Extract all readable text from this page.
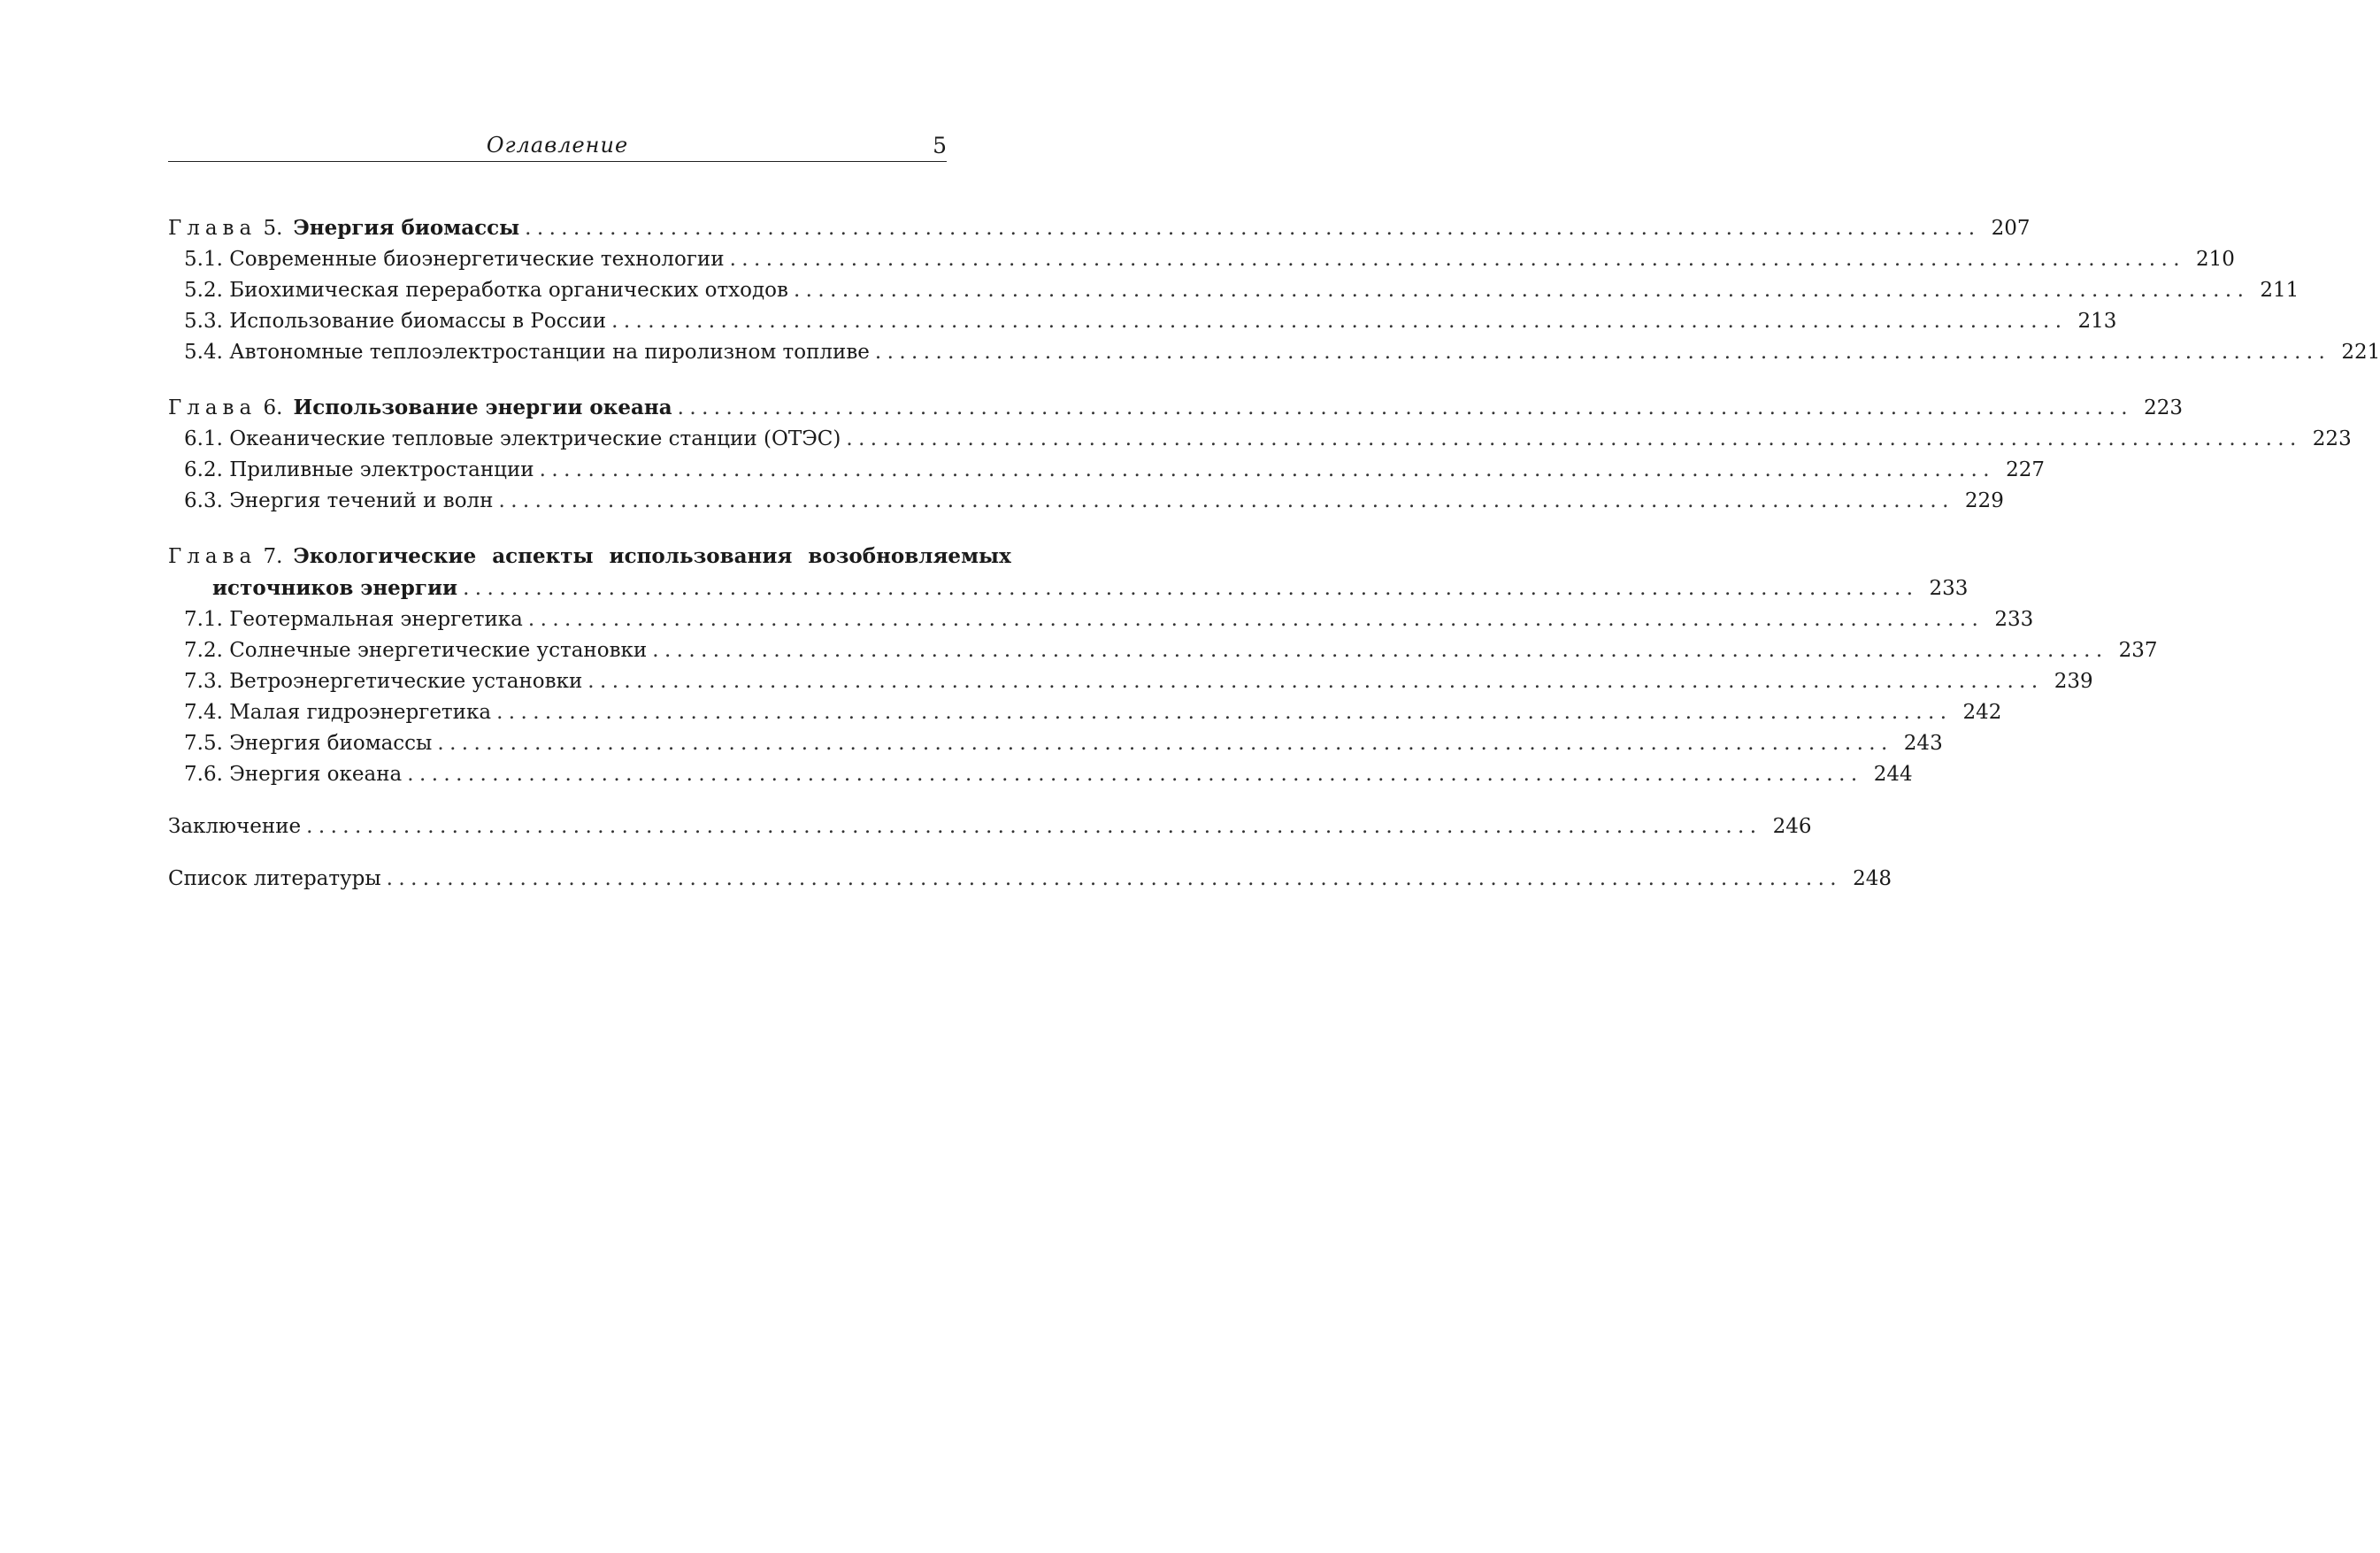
Оглавление	5
Глава 5. Энергия биомассы ........................................................................................................................ 207
5.1. Современные биоэнергетические технологии ........................................................................................................................ 210
5.2. Биохимическая переработка органических отходов ........................................................................................................................ 211
5.3. Использование биомассы в России ........................................................................................................................ 213
5.4. Автономные теплоэлектростанции на пиролизном топливе ........................................................................................................................ 221
Глава 6. Использование энергии океана ........................................................................................................................ 223
6.1. Океанические тепловые электрические станции (ОТЭС) ........................................................................................................................ 223
6.2. Приливные электростанции ........................................................................................................................ 227
6.3. Энергия течений и волн ........................................................................................................................ 229
Глава 7. Экологические аспекты использования возобновляемых
источников энергии ........................................................................................................................ 233
7.1. Геотермальная энергетика ........................................................................................................................ 233
7.2. Солнечные энергетические установки ........................................................................................................................ 237
7.3. Ветроэнергетические установки ........................................................................................................................ 239
7.4. Малая гидроэнергетика ........................................................................................................................ 242
7.5. Энергия биомассы ........................................................................................................................ 243
7.6. Энергия океана ........................................................................................................................ 244
Заключение ........................................................................................................................ 246
Список литературы ........................................................................................................................ 248
